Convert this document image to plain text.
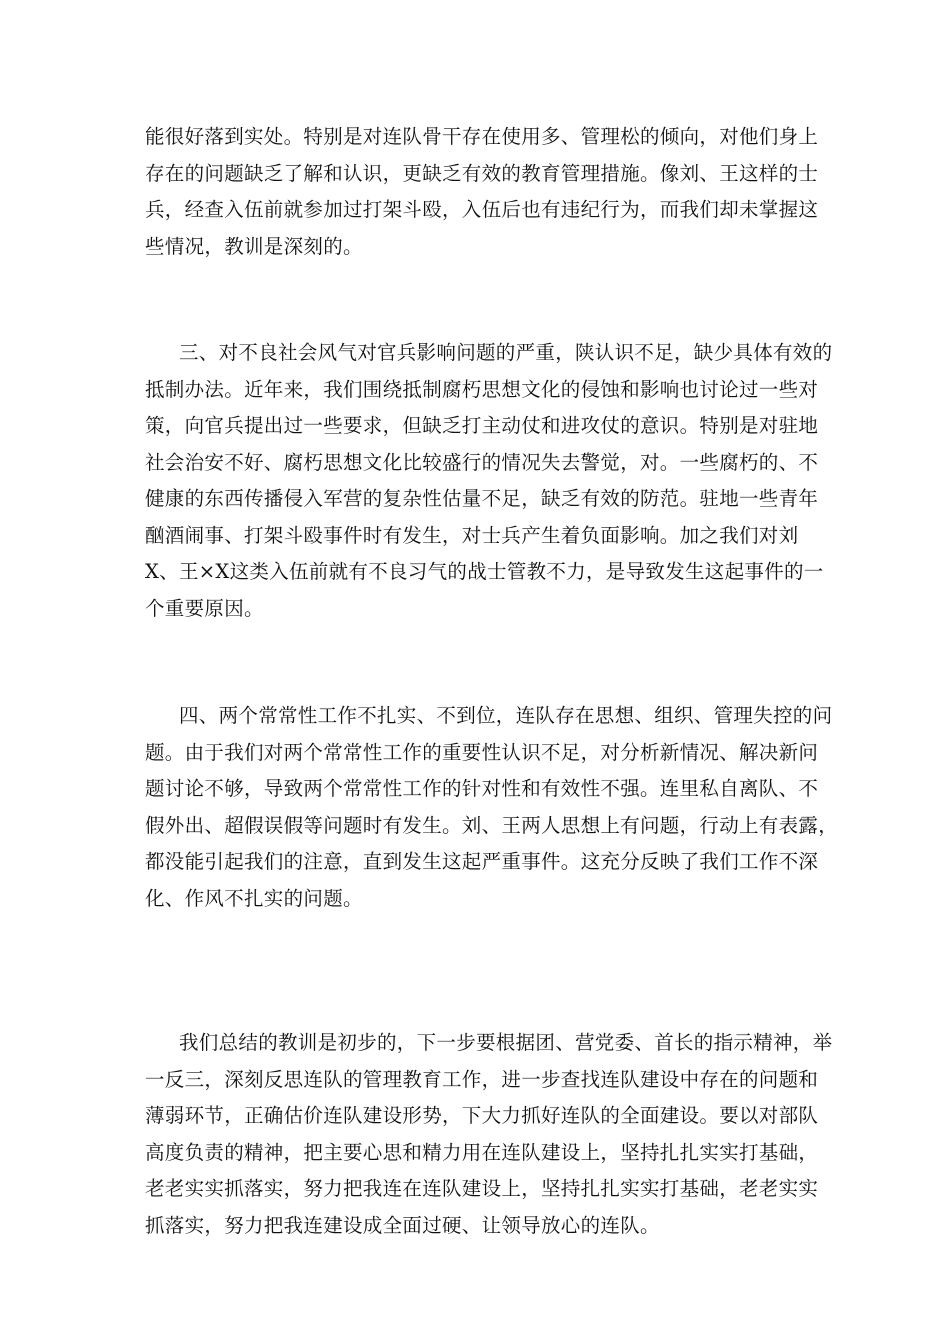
能很好落到实处。特别是对连队骨干存在使用多、管理松的倾向，对他们身上
存在的问题缺乏了解和认识，更缺乏有效的教育管理措施。像刘、王这样的士
兵，经查入伍前就参加过打架斗殴，入伍后也有违纪行为，而我们却未掌握这
些情况，教训是深刻的。
三、对不良社会风气对官兵影响问题的严重，陕认识不足，缺少具体有效的
抵制办法。近年来，我们围绕抵制腐朽思想文化的侵蚀和影响也讨论过一些对
策，向官兵提出过一些要求，但缺乏打主动仗和进攻仗的意识。特别是对驻地
社会治安不好、腐朽思想文化比较盛行的情况失去警觉，对。一些腐朽的、不
健康的东西传播侵入军营的复杂性估量不足，缺乏有效的防范。驻地一些青年
酗酒闹事、打架斗殴事件时有发生，对士兵产生着负面影响。加之我们对刘
X、王×X这类入伍前就有不良习气的战士管教不力，是导致发生这起事件的一
个重要原因。
四、两个常常性工作不扎实、不到位，连队存在思想、组织、管理失控的问
题。由于我们对两个常常性工作的重要性认识不足，对分析新情况、解决新问
题讨论不够，导致两个常常性工作的针对性和有效性不强。连里私自离队、不
假外出、超假误假等问题时有发生。刘、王两人思想上有问题，行动上有表露，
都没能引起我们的注意，直到发生这起严重事件。这充分反映了我们工作不深
化、作风不扎实的问题。
我们总结的教训是初步的，下一步要根据团、营党委、首长的指示精神，举
一反三，深刻反思连队的管理教育工作，进一步查找连队建设中存在的问题和
薄弱环节，正确估价连队建设形势，下大力抓好连队的全面建设。要以对部队
高度负责的精神，把主要心思和精力用在连队建设上，坚持扎扎实实打基础，
老老实实抓落实，努力把我连在连队建设上，坚持扎扎实实打基础，老老实实
抓落实，努力把我连建设成全面过硬、让领导放心的连队。
